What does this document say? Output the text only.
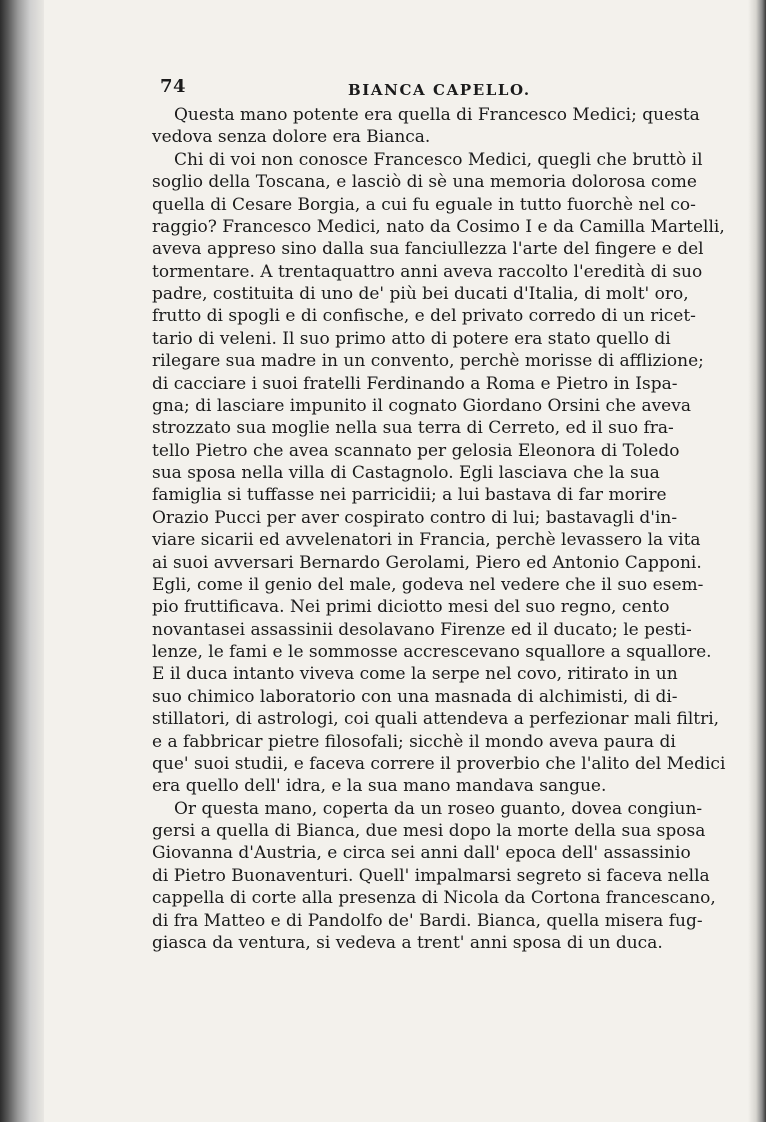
74	BIANCA CAPELLO.
Questa mano potente era quella di Francesco Medici; questa
vedova senza dolore era Bianca.
Chi di voi non conosce Francesco Medici, quegli che bruttò il
soglio della Toscana, e lasciò di sè una memoria dolorosa come
quella di Cesare Borgia, a cui fu eguale in tutto fuorchè nel co-
raggio? Francesco Medici, nato da Cosimo I e da Camilla Martelli,
aveva appreso sino dalla sua fanciullezza l'arte del fingere e del
tormentare. A trentaquattro anni aveva raccolto l'eredità di suo
padre, costituita di uno de' più bei ducati d'Italia, di molt' oro,
frutto di spogli e di confische, e del privato corredo di un ricet-
tario di veleni. Il suo primo atto di potere era stato quello di
rilegare sua madre in un convento, perchè morisse di afflizione;
di cacciare i suoi fratelli Ferdinando a Roma e Pietro in Ispa-
gna; di lasciare impunito il cognato Giordano Orsini che aveva
strozzato sua moglie nella sua terra di Cerreto, ed il suo fra-
tello Pietro che avea scannato per gelosia Eleonora di Toledo
sua sposa nella villa di Castagnolo. Egli lasciava che la sua
famiglia si tuffasse nei parricidii; a lui bastava di far morire
Orazio Pucci per aver cospirato contro di lui; bastavagli d'in-
viare sicarii ed avvelenatori in Francia, perchè levassero la vita
ai suoi avversari Bernardo Gerolami, Piero ed Antonio Capponi.
Egli, come il genio del male, godeva nel vedere che il suo esem-
pio fruttificava. Nei primi diciotto mesi del suo regno, cento
novantasei assassinii desolavano Firenze ed il ducato; le pesti-
lenze, le fami e le sommosse accrescevano squallore a squallore.
E il duca intanto viveva come la serpe nel covo, ritirato in un
suo chimico laboratorio con una masnada di alchimisti, di di-
stillatori, di astrologi, coi quali attendeva a perfezionar mali filtri,
e a fabbricar pietre filosofali; sicchè il mondo aveva paura di
que' suoi studii, e faceva correre il proverbio che l'alito del Medici
era quello dell' idra, e la sua mano mandava sangue.
Or questa mano, coperta da un roseo guanto, dovea congiun-
gersi a quella di Bianca, due mesi dopo la morte della sua sposa
Giovanna d'Austria, e circa sei anni dall' epoca dell' assassinio
di Pietro Buonaventuri. Quell' impalmarsi segreto si faceva nella
cappella di corte alla presenza di Nicola da Cortona francescano,
di fra Matteo e di Pandolfo de' Bardi. Bianca, quella misera fug-
giasca da ventura, si vedeva a trent' anni sposa di un duca.
